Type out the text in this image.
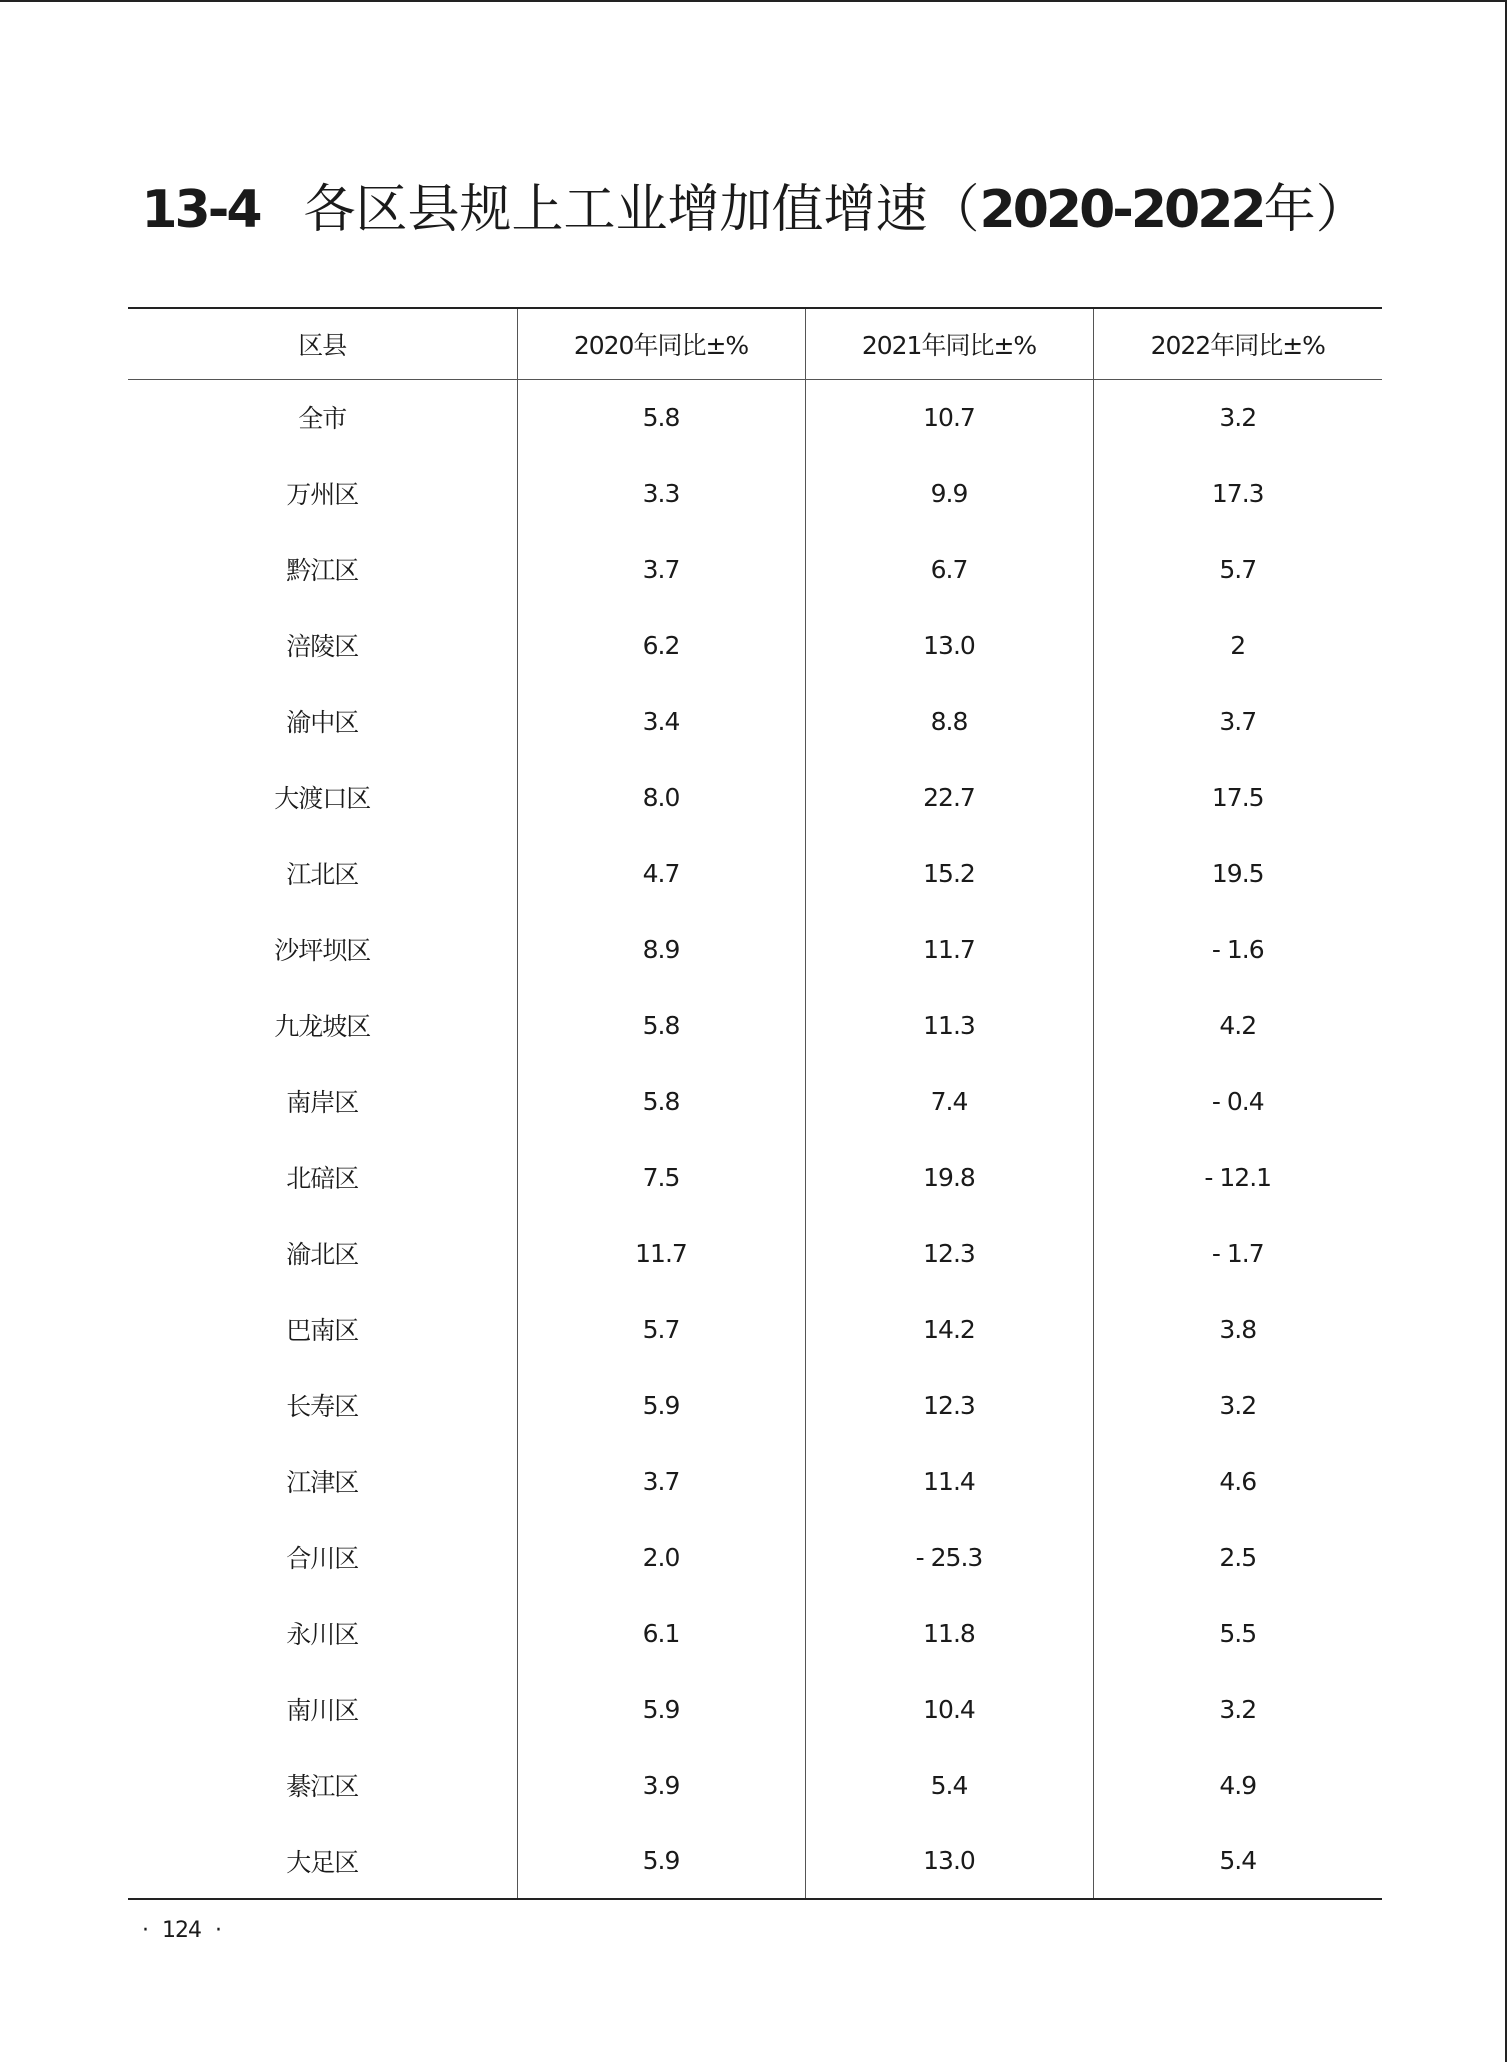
13-4 各区县规上工业增加值增速（2020-2022年）
区县	2020年同比±%	2021年同比±%	2022年同比±%
全市	5.8	10.7	3.2
万州区	3.3	9.9	17.3
黔江区	3.7	6.7	5.7
涪陵区	6.2	13.0	2
渝中区	3.4	8.8	3.7
大渡口区	8.0	22.7	17.5
江北区	4.7	15.2	19.5
沙坪坝区	8.9	11.7	- 1.6
九龙坡区	5.8	11.3	4.2
南岸区	5.8	7.4	- 0.4
北碚区	7.5	19.8	- 12.1
渝北区	11.7	12.3	- 1.7
巴南区	5.7	14.2	3.8
长寿区	5.9	12.3	3.2
江津区	3.7	11.4	4.6
合川区	2.0	- 25.3	2.5
永川区	6.1	11.8	5.5
南川区	5.9	10.4	3.2
綦江区	3.9	5.4	4.9
大足区	5.9	13.0	5.4
· 124 ·
